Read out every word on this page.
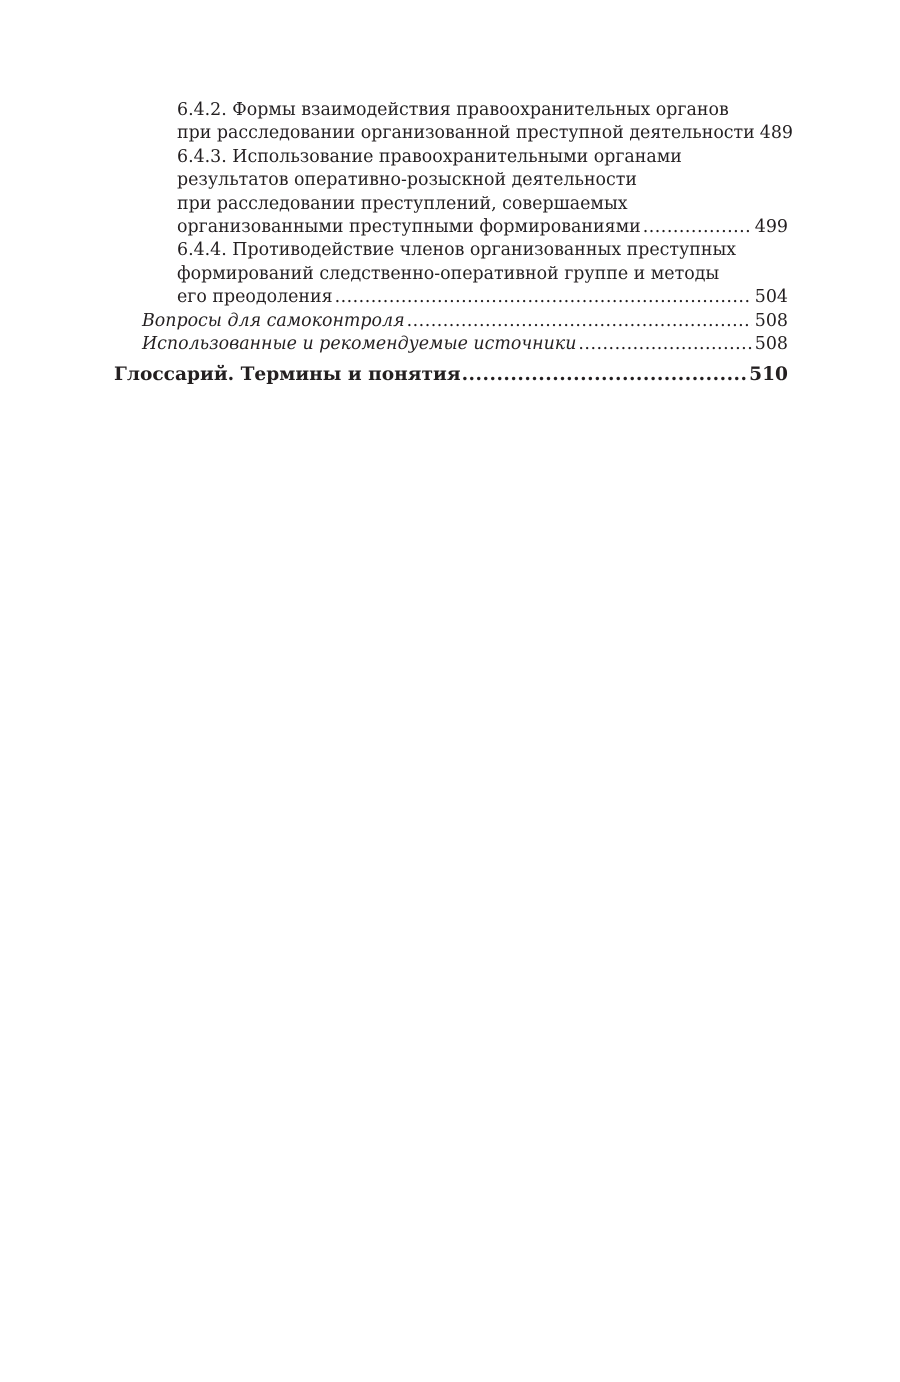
6.4.2. Формы взаимодействия правоохранительных органов
при расследовании организованной преступной деятельности 489
6.4.3. Использование правоохранительными органами
результатов оперативно-розыскной деятельности
при расследовании преступлений, совершаемых
организованными преступными формированиями .....	499
6.4.4. Противодействие членов организованных преступных
формирований следственно-оперативной группе и методы
его преодоления .....	504
Вопросы для самоконтроля .....	508
Использованные и рекомендуемые источники .....	508
Глоссарий. Термины и понятия .....	510
